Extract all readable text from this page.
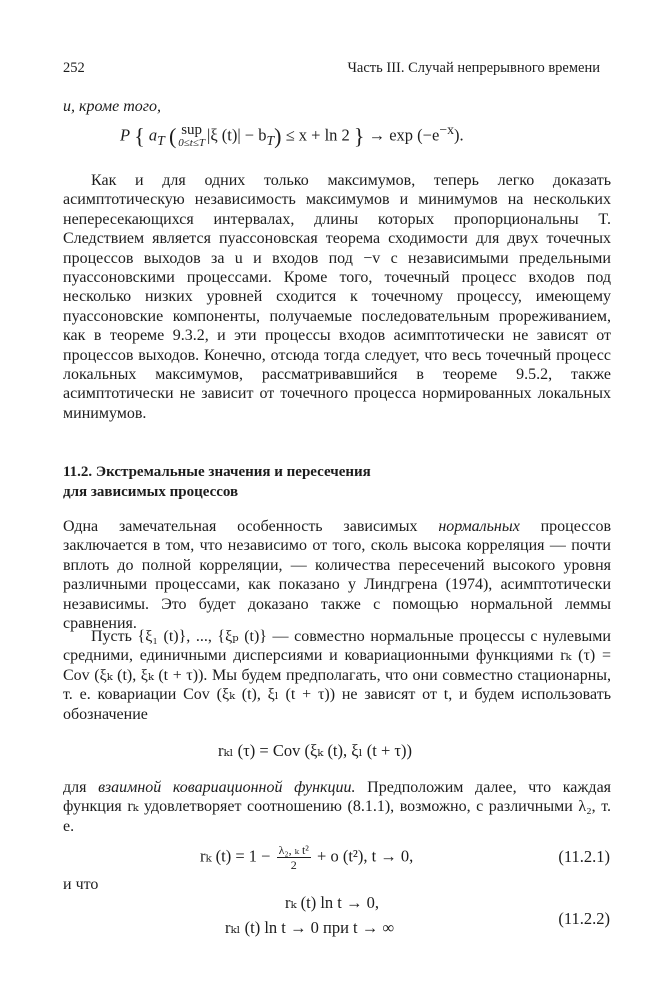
252	Часть III. Случай непрерывного времени
и, кроме того,
P { $a_T$ ( sup
0≤t≤T |ξ $(t)| - b_T) \le x + \ln 2$ } → $\exp (-e^{-x})$.

Как и для одних только максимумов, теперь легко доказать асимптотическую независимость максимумов и минимумов на нескольких непересекающихся интервалах, длины которых пропорциональны T. Следствием является пуассоновская теорема сходимости для двух точечных процессов выходов за u и входов под −v с независимыми предельными пуассоновскими процессами. Кроме того, точечный процесс входов под несколько низких уровней сходится к точечному процессу, имеющему пуассоновские компоненты, получаемые последовательным прореживанием, как в теореме 9.3.2, и эти процессы входов асимптотически не зависят от процессов выходов. Конечно, отсюда тогда следует, что весь точечный процесс локальных максимумов, рассматривавшийся в теореме 9.5.2, также асимптотически не зависит от точечного процесса нормированных локальных минимумов.

11.2. Экстремальные значения и пересечения
для зависимых процессов

Одна замечательная особенность зависимых нормальных процессов заключается в том, что независимо от того, сколь высока корреляция — почти вплоть до полной корреляции, — количества пересечений высокого уровня различными процессами, как показано у Линдгрена (1974), асимптотически независимы. Это будет доказано также с помощью нормальной леммы сравнения.

Пусть {ξ₁ (t)}, ..., {ξₚ (t)} — совместно нормальные процессы с нулевыми средними, единичными дисперсиями и ковариационными функциями rₖ (τ) = Cov (ξₖ (t), ξₖ (t + τ)). Мы будем предполагать, что они совместно стационарны, т. е. ковариации Cov (ξₖ (t), ξₗ (t + τ)) не зависят от t, и будем использовать обозначение

rₖₗ (τ) = Cov (ξₖ (t), ξₗ (t + τ))

для взаимной ковариационной функции. Предположим далее, что каждая функция rₖ удовлетворяет соотношению (8.1.1), возможно, с различными λ₂, т. е.

rₖ $(t) = 1 - \frac{\text{λ₂, ₖ t²}}{2} + o$ (t²), t → 0,	(11.2.1)
и что
rₖ (t) ln t → 0,
rₖₗ (t) ln t → 0 при t → ∞	(11.2.2)
